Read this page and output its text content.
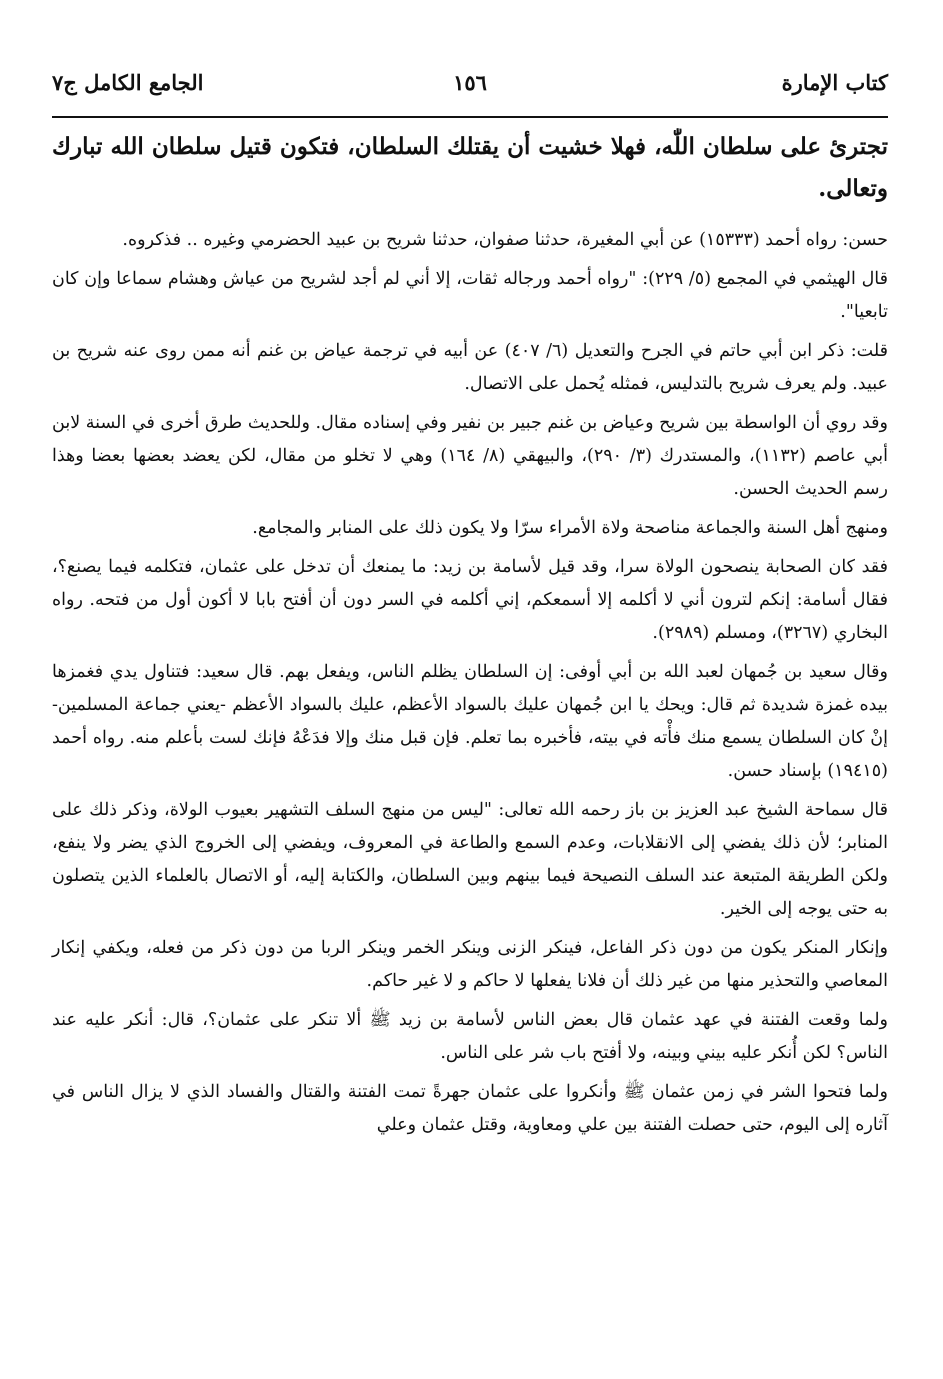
كتاب الإمارة
١٥٦
الجامع الكامل ج٧

تجترئ على سلطان اللّٰه، فهلا خشيت أن يقتلك السلطان، فتكون قتيل سلطان الله تبارك وتعالى.

حسن: رواه أحمد (١٥٣٣٣) عن أبي المغيرة، حدثنا صفوان، حدثنا شريح بن عبيد الحضرمي وغيره .. فذكروه.

قال الهيثمي في المجمع (٥/ ٢٢٩): "رواه أحمد ورجاله ثقات، إلا أني لم أجد لشريح من عياش وهشام سماعا وإن كان تابعيا".

قلت: ذكر ابن أبي حاتم في الجرح والتعديل (٦/ ٤٠٧) عن أبيه في ترجمة عياض بن غنم أنه ممن روى عنه شريح بن عبيد. ولم يعرف شريح بالتدليس، فمثله يُحمل على الاتصال.

وقد روي أن الواسطة بين شريح وعياض بن غنم جبير بن نفير وفي إسناده مقال. وللحديث طرق أخرى في السنة لابن أبي عاصم (١١٣٢)، والمستدرك (٣/ ٢٩٠)، والبيهقي (٨/ ١٦٤) وهي لا تخلو من مقال، لكن يعضد بعضها بعضا وهذا رسم الحديث الحسن.

ومنهج أهل السنة والجماعة مناصحة ولاة الأمراء سرّا ولا يكون ذلك على المنابر والمجامع.

فقد كان الصحابة ينصحون الولاة سرا، وقد قيل لأسامة بن زيد: ما يمنعك أن تدخل على عثمان، فتكلمه فيما يصنع؟، فقال أسامة: إنكم لترون أني لا أكلمه إلا أسمعكم، إني أكلمه في السر دون أن أفتح بابا لا أكون أول من فتحه. رواه البخاري (٣٢٦٧)، ومسلم (٢٩٨٩).

وقال سعيد بن جُمهان لعبد الله بن أبي أوفى: إن السلطان يظلم الناس، ويفعل بهم. قال سعيد: فتناول يدي فغمزها بيده غمزة شديدة ثم قال: ويحك يا ابن جُمهان عليك بالسواد الأعظم، عليك بالسواد الأعظم -يعني جماعة المسلمين- إنْ كان السلطان يسمع منك فأْته في بيته، فأخبره بما تعلم. فإن قبل منك وإلا فدَعْهُ فإنك لست بأعلم منه. رواه أحمد (١٩٤١٥) بإسناد حسن.

قال سماحة الشيخ عبد العزيز بن باز رحمه الله تعالى: "ليس من منهج السلف التشهير بعيوب الولاة، وذكر ذلك على المنابر؛ لأن ذلك يفضي إلى الانقلابات، وعدم السمع والطاعة في المعروف، ويفضي إلى الخروج الذي يضر ولا ينفع، ولكن الطريقة المتبعة عند السلف النصيحة فيما بينهم وبين السلطان، والكتابة إليه، أو الاتصال بالعلماء الذين يتصلون به حتى يوجه إلى الخير.

وإنكار المنكر يكون من دون ذكر الفاعل، فينكر الزنى وينكر الخمر وينكر الربا من دون ذكر من فعله، ويكفي إنكار المعاصي والتحذير منها من غير ذلك أن فلانا يفعلها لا حاكم و لا غير حاكم.

ولما وقعت الفتنة في عهد عثمان قال بعض الناس لأسامة بن زيد ﷺ ألا تنكر على عثمان؟، قال: أنكر عليه عند الناس؟ لكن أُنكر عليه بيني وبينه، ولا أفتح باب شر على الناس.

ولما فتحوا الشر في زمن عثمان ﷺ وأنكروا على عثمان جهرةً تمت الفتنة والقتال والفساد الذي لا يزال الناس في آثاره إلى اليوم، حتى حصلت الفتنة بين علي ومعاوية، وقتل عثمان وعلي
